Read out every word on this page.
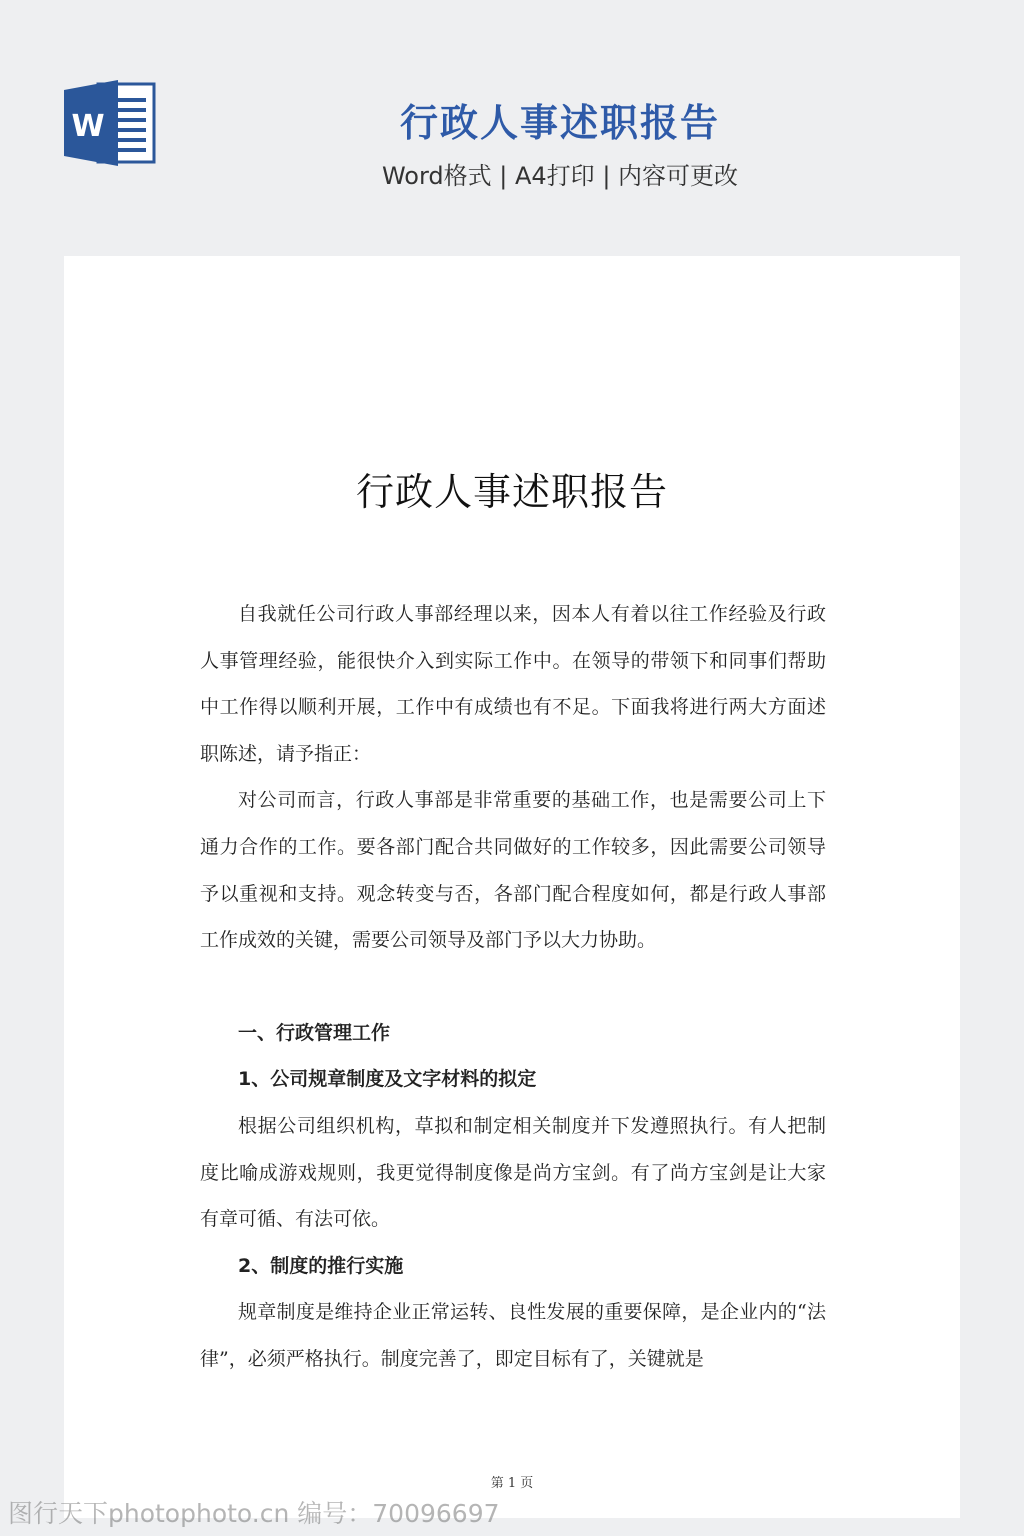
W	行政人事述职报告
Word格式 | A4打印 | 内容可更改
行政人事述职报告

自我就任公司行政人事部经理以来，因本人有着以往工作经验及行政人事管理经验，能很快介入到实际工作中。在领导的带领下和同事们帮助中工作得以顺利开展，工作中有成绩也有不足。下面我将进行两大方面述职陈述，请予指正：

对公司而言，行政人事部是非常重要的基础工作，也是需要公司上下通力合作的工作。要各部门配合共同做好的工作较多，因此需要公司领导予以重视和支持。观念转变与否，各部门配合程度如何，都是行政人事部工作成效的关键，需要公司领导及部门予以大力协助。

一、行政管理工作

1、公司规章制度及文字材料的拟定

根据公司组织机构，草拟和制定相关制度并下发遵照执行。有人把制度比喻成游戏规则，我更觉得制度像是尚方宝剑。有了尚方宝剑是让大家有章可循、有法可依。

2、制度的推行实施

规章制度是维持企业正常运转、良性发展的重要保障，是企业内的“法律”，必须严格执行。制度完善了，即定目标有了，关键就是

第 1 页
图行天下photophoto.cn 编号：70096697
